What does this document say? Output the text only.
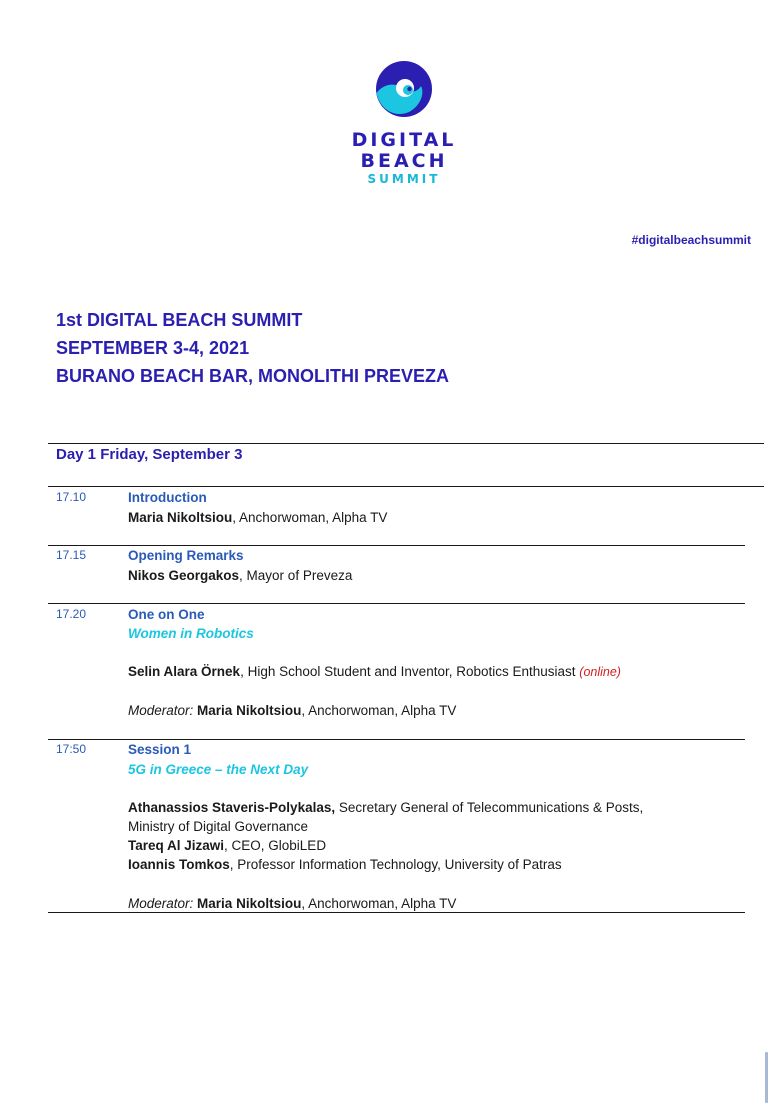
DIGITAL
BEACH
SUMMIT
#digitalbeachsummit
1st DIGITAL BEACH SUMMIT
SEPTEMBER 3-4, 2021
BURANO BEACH BAR, MONOLITHI PREVEZA
Day 1 Friday, September 3
17.10	Introduction
Maria Nikoltsiou, Anchorwoman, Alpha TV
17.15	Opening Remarks
Nikos Georgakos, Mayor of Preveza
17.20	One on One
Women in Robotics
Selin Alara Örnek, High School Student and Inventor, Robotics Enthusiast (online)
Moderator: Maria Nikoltsiou, Anchorwoman, Alpha TV
17:50	Session 1
5G in Greece – the Next Day
Athanassios Staveris-Polykalas, Secretary General of Telecommunications & Posts,
Ministry of Digital Governance
Tareq Al Jizawi, CEO, GlobiLED
Ioannis Tomkos, Professor Information Technology, University of Patras
Moderator: Maria Nikoltsiou, Anchorwoman, Alpha TV
